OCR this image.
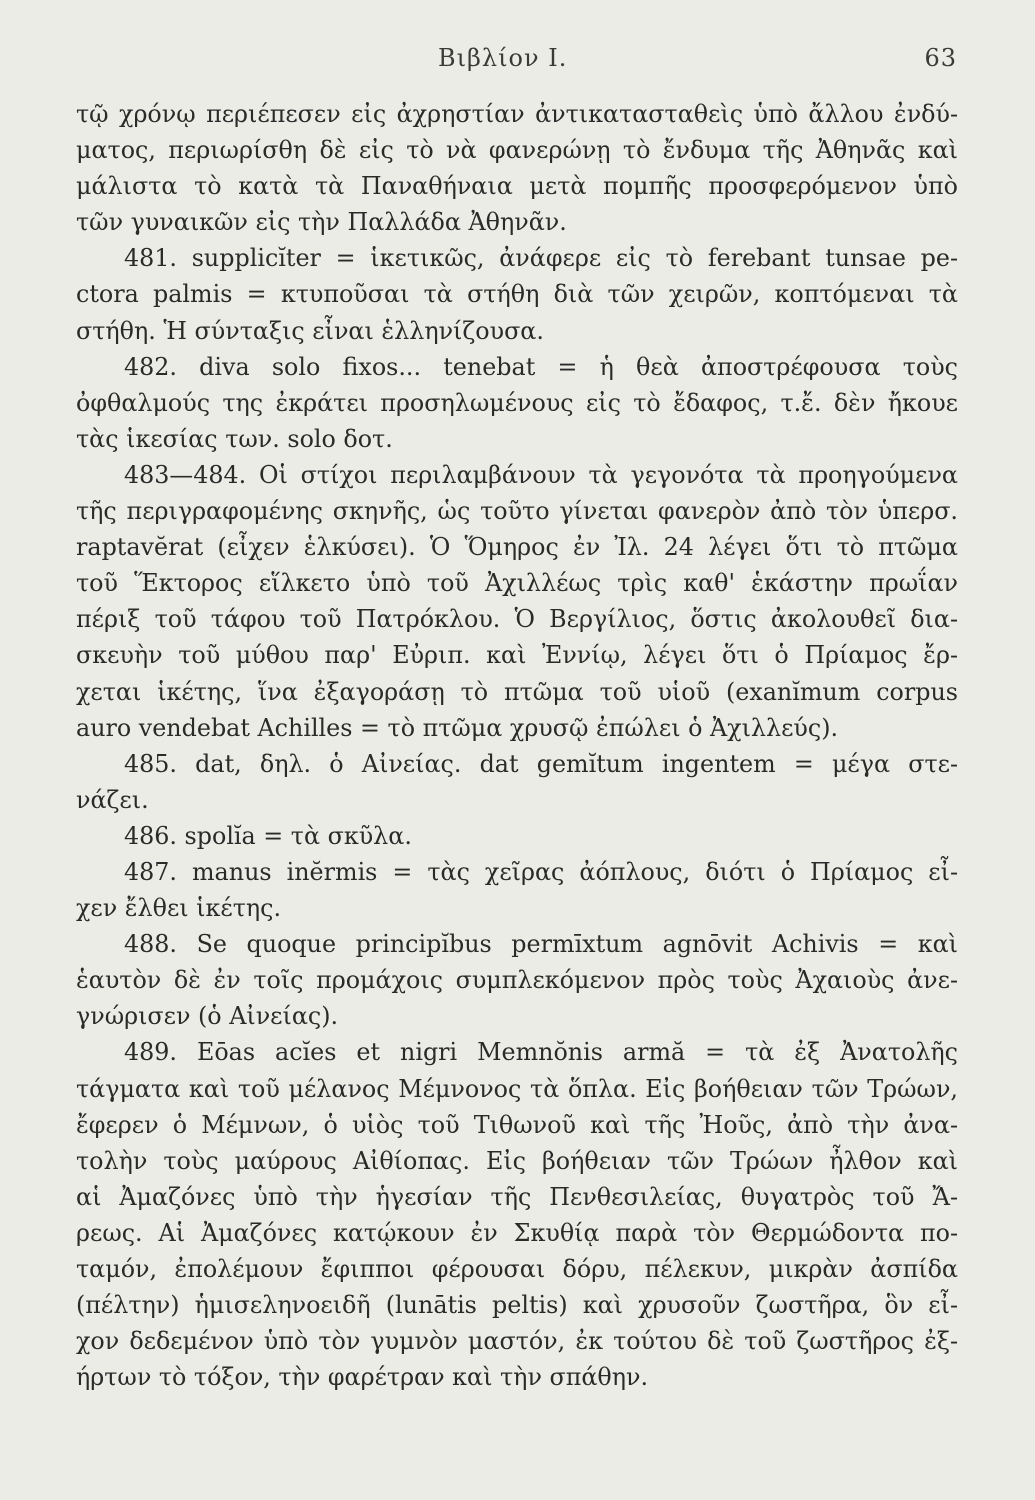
Βιβλίον Ι.	63
τῷ χρόνῳ περιέπεσεν εἰς ἀχρηστίαν ἀντικατασταθεὶς ὑπὸ ἄλλου ἐνδύ-
ματος, περιωρίσθη δὲ εἰς τὸ νὰ φανερώνῃ τὸ ἔνδυμα τῆς Ἀθηνᾶς καὶ
μάλιστα τὸ κατὰ τὰ Παναθήναια μετὰ πομπῆς προσφερόμενον ὑπὸ
τῶν γυναικῶν εἰς τὴν Παλλάδα Ἀθηνᾶν.
481. supplicĭter = ἱκετικῶς, ἀνάφερε εἰς τὸ ferebant tunsae pe-
ctora palmis = κτυποῦσαι τὰ στήθη διὰ τῶν χειρῶν, κοπτόμεναι τὰ
στήθη. Ἡ σύνταξις εἶναι ἑλληνίζουσα.
482. diva solo fixos... tenebat = ἡ θεὰ ἀποστρέφουσα τοὺς
ὀφθαλμούς της ἐκράτει προσηλωμένους εἰς τὸ ἔδαφος, τ.ἔ. δὲν ἤκουε
τὰς ἱκεσίας των. solo δοτ.
483—484. Οἱ στίχοι περιλαμβάνουν τὰ γεγονότα τὰ προηγούμενα
τῆς περιγραφομένης σκηνῆς, ὡς τοῦτο γίνεται φανερὸν ἀπὸ τὸν ὑπερσ.
raptavĕrat (εἶχεν ἑλκύσει). Ὁ Ὅμηρος ἐν Ἰλ. 24 λέγει ὅτι τὸ πτῶμα
τοῦ Ἕκτορος εἵλκετο ὑπὸ τοῦ Ἀχιλλέως τρὶς καθ' ἑκάστην πρωΐαν
πέριξ τοῦ τάφου τοῦ Πατρόκλου. Ὁ Βεργίλιος, ὅστις ἀκολουθεῖ δια-
σκευὴν τοῦ μύθου παρ' Εὐριπ. καὶ Ἐννίῳ, λέγει ὅτι ὁ Πρίαμος ἔρ-
χεται ἱκέτης, ἵνα ἐξαγοράσῃ τὸ πτῶμα τοῦ υἱοῦ (exanĭmum corpus
auro vendebat Achilles = τὸ πτῶμα χρυσῷ ἐπώλει ὁ Ἀχιλλεύς).
485. dat, δηλ. ὁ Αἰνείας. dat gemĭtum ingentem = μέγα στε-
νάζει.
486. spolĭa = τὰ σκῦλα.
487. manus inĕrmis = τὰς χεῖρας ἀόπλους, διότι ὁ Πρίαμος εἶ-
χεν ἔλθει ἱκέτης.
488. Se quoque principĭbus permīxtum agnōvit Achivis = καὶ
ἑαυτὸν δὲ ἐν τοῖς προμάχοις συμπλεκόμενον πρὸς τοὺς Ἀχαιοὺς ἀνε-
γνώρισεν (ὁ Αἰνείας).
489. Eōas acĭes et nigri Memnŏnis armă = τὰ ἐξ Ἀνατολῆς
τάγματα καὶ τοῦ μέλανος Μέμνονος τὰ ὅπλα. Εἰς βοήθειαν τῶν Τρώων,
ἔφερεν ὁ Μέμνων, ὁ υἱὸς τοῦ Τιθωνοῦ καὶ τῆς Ἠοῦς, ἀπὸ τὴν ἀνα-
τολὴν τοὺς μαύρους Αἰθίοπας. Εἰς βοήθειαν τῶν Τρώων ἦλθον καὶ
αἱ Ἀμαζόνες ὑπὸ τὴν ἡγεσίαν τῆς Πενθεσιλείας, θυγατρὸς τοῦ Ἄ-
ρεως. Αἱ Ἀμαζόνες κατῴκουν ἐν Σκυθίᾳ παρὰ τὸν Θερμώδοντα πο-
ταμόν, ἐπολέμουν ἔφιπποι φέρουσαι δόρυ, πέλεκυν, μικρὰν ἀσπίδα
(πέλτην) ἡμισεληνοειδῆ (lunātis peltis) καὶ χρυσοῦν ζωστῆρα, ὃν εἶ-
χον δεδεμένον ὑπὸ τὸν γυμνὸν μαστόν, ἐκ τούτου δὲ τοῦ ζωστῆρος ἐξ-
ήρτων τὸ τόξον, τὴν φαρέτραν καὶ τὴν σπάθην.
